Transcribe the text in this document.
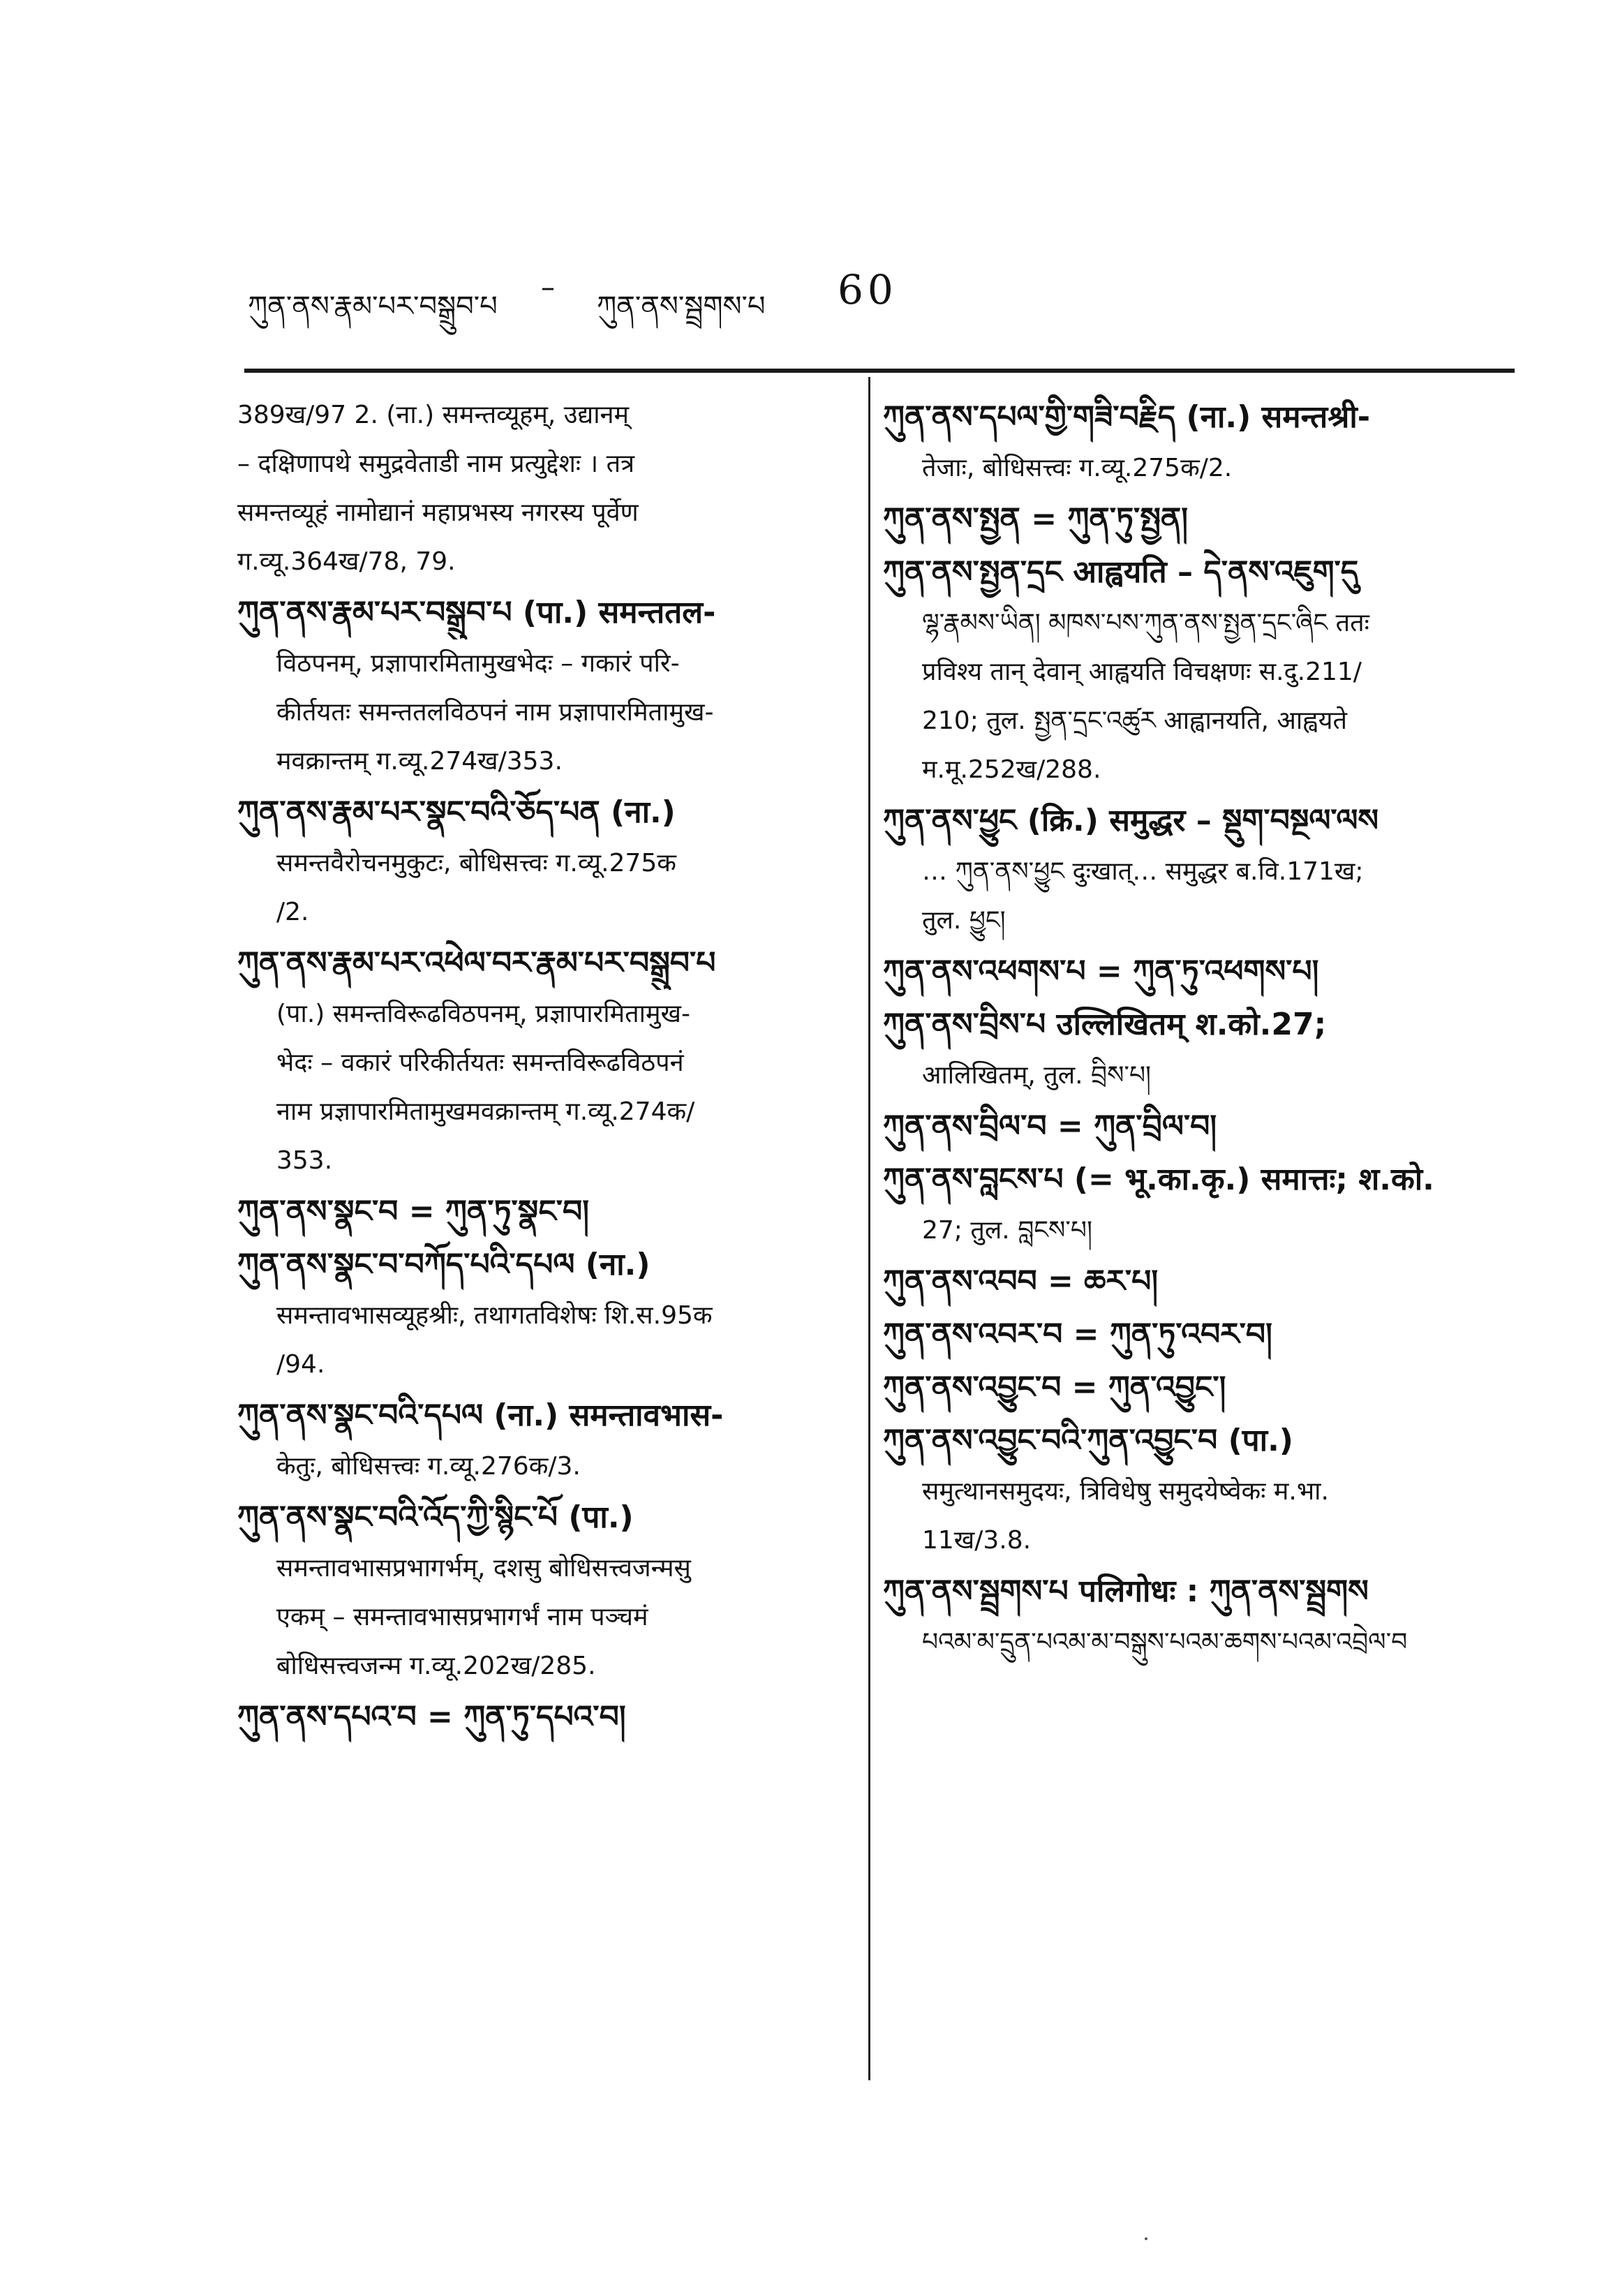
ཀུན་ནས་རྣམ་པར་བསྒྲུབ་པ
–
ཀུན་ནས་སྦྲགས་པ 60
389ख/97 2. (ना.) समन्तव्यूहम्, उद्यानम्
– दक्षिणापथे समुद्रवेताडी नाम प्रत्युद्देशः । तत्र
समन्तव्यूहं नामोद्यानं महाप्रभस्य नगरस्य पूर्वेण
ग.व्यू.364ख/78, 79.
ཀུན་ནས་རྣམ་པར་བསྒྲུབ་པ (पा.) समन्ततल-
विठपनम्, प्रज्ञापारमितामुखभेदः – गकारं परि-
कीर्तयतः समन्ततलविठपनं नाम प्रज्ञापारमितामुख-
मवक्रान्तम् ग.व्यू.274ख/353.
ཀུན་ནས་རྣམ་པར་སྣང་བའི་ཅོད་པན (ना.)
समन्तवैरोचनमुकुटः, बोधिसत्त्वः ग.व्यू.275क
/2.
ཀུན་ནས་རྣམ་པར་འཕེལ་བར་རྣམ་པར་བསྒྲུབ་པ
(पा.) समन्तविरूढविठपनम्, प्रज्ञापारमितामुख-
भेदः – वकारं परिकीर्तयतः समन्तविरूढविठपनं
नाम प्रज्ञापारमितामुखमवक्रान्तम् ग.व्यू.274क/
353.
ཀུན་ནས་སྣང་བ = ཀུན་ཏུ་སྣང་བ།
ཀུན་ནས་སྣང་བ་བཀོད་པའི་དཔལ (ना.)
समन्तावभासव्यूहश्रीः, तथागतविशेषः शि.स.95क
/94.
ཀུན་ནས་སྣང་བའི་དཔལ (ना.) समन्तावभास-
केतुः, बोधिसत्त्वः ग.व्यू.276क/3.
ཀུན་ནས་སྣང་བའི་འོད་ཀྱི་སྙིང་པོ (पा.)
समन्तावभासप्रभागर्भम्, दशसु बोधिसत्त्वजन्मसु
एकम् – समन्तावभासप्रभागर्भं नाम पञ्चमं
बोधिसत्त्वजन्म ग.व्यू.202ख/285.
ཀུན་ནས་དཔའ་བ = ཀུན་ཏུ་དཔའ་བ།
ཀུན་ནས་དཔལ་གྱི་གཟི་བརྗིད (ना.) समन्तश्री-
तेजाः, बोधिसत्त्वः ग.व्यू.275क/2.
ཀུན་ནས་སྤྱན = ཀུན་ཏུ་སྤྱན།
ཀུན་ནས་སྤྱན་དྲང आह्वयति – དེ་ནས་འཇུག་དུ
ལྷ་རྣམས་ཡིན། མཁས་པས་ཀུན་ནས་སྤྱན་དྲང་ཞིང ततः
प्रविश्य तान् देवान् आह्वयति विचक्षणः स.दु.211/
210; तुल. སྤྱན་དྲང་འཚུར आह्वानयति, आह्वयते
म.मू.252ख/288.
ཀུན་ནས་ཕྱུང (क्रि.) समुद्धर – སྡུག་བསྔལ་ལས
… ཀུན་ནས་ཕྱུང दुःखात्… समुद्धर ब.वि.171ख;
तुल. ཕྱུང།
ཀུན་ནས་འཕགས་པ = ཀུན་ཏུ་འཕགས་པ།
ཀུན་ནས་བྲིས་པ उल्लिखितम् श.को.27;
आलिखितम्, तुल. བྲིས་པ།
ཀུན་ནས་བྲིལ་བ = ཀུན་བྲིལ་བ།
ཀུན་ནས་བླངས་པ (= भू.का.कृ.) समात्तः; श.को.
27; तुल. བླངས་པ།
ཀུན་ནས་འབབ = ཆར་པ།
ཀུན་ནས་འབར་བ = ཀུན་ཏུ་འབར་བ།
ཀུན་ནས་འབྱུང་བ = ཀུན་འབྱུང་།
ཀུན་ནས་འབྱུང་བའི་ཀུན་འབྱུང་བ (पा.)
समुत्थानसमुदयः, त्रिविधेषु समुदयेष्वेकः म.भा.
11ख/3.8.
ཀུན་ནས་སྦྲགས་པ पलिगोधः : ཀུན་ནས་སྦྲགས
པའམ་མ་དྲུན་པའམ་མ་བསྒུས་པའམ་ཆགས་པའམ་འབྲེལ་བ
